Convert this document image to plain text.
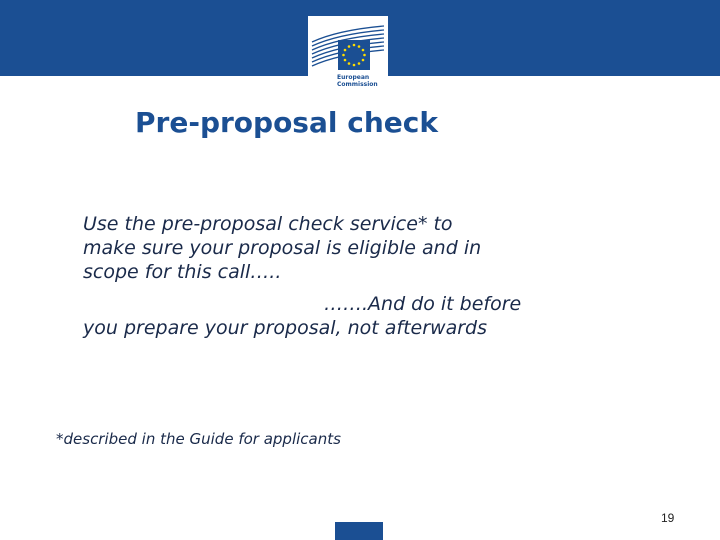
European
Commission
Pre-proposal check
Use the pre-proposal check service* to
make sure your proposal is eligible and in
scope for this call…..
…….And do it before
you prepare your proposal, not afterwards
*described in the Guide for applicants
19
